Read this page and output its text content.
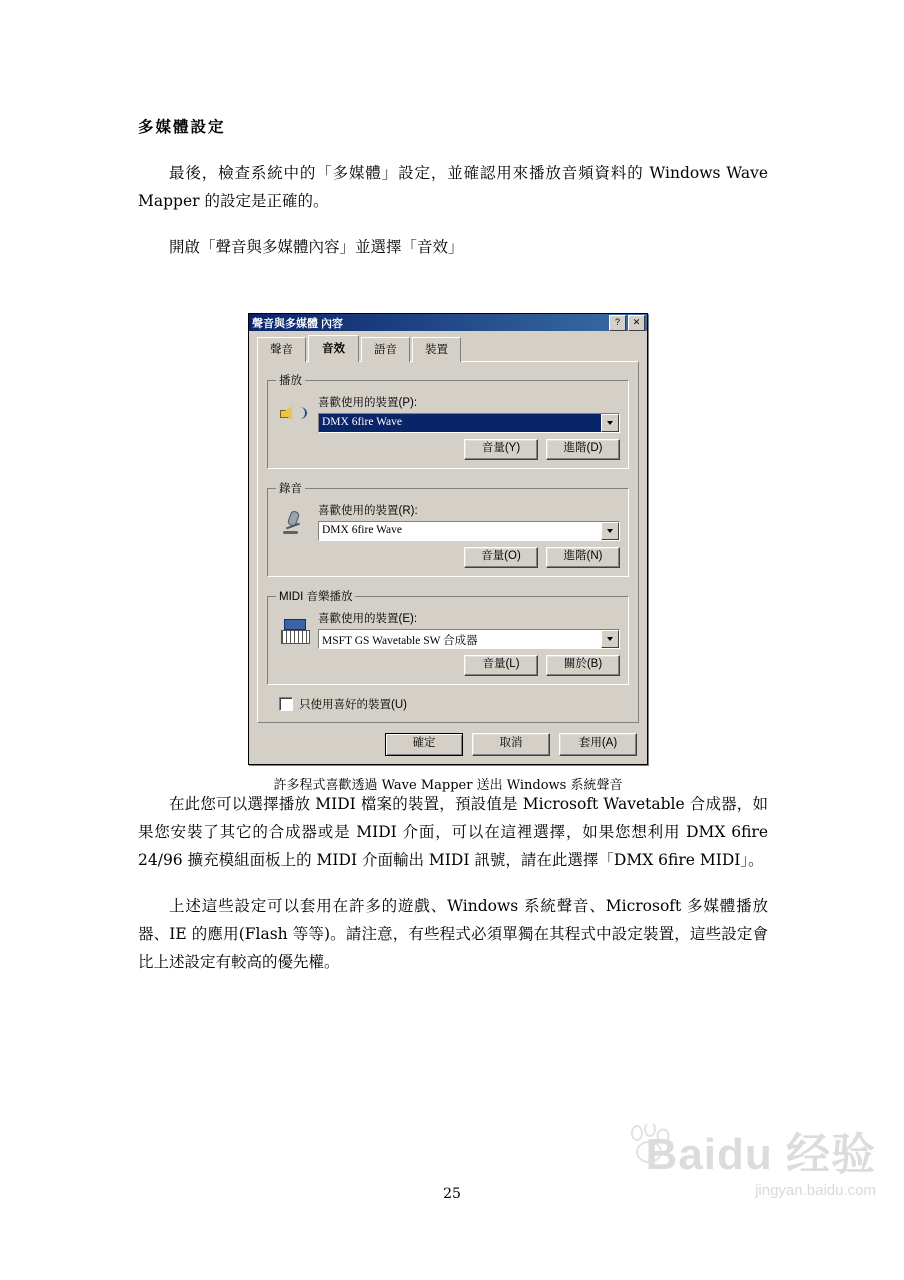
多媒體設定

最後，檢查系統中的「多媒體」設定，並確認用來播放音頻資料的 Windows Wave Mapper 的設定是正確的。

開啟「聲音與多媒體內容」並選擇「音效」

聲音與多媒體 內容	?	✕
聲音	音效	語音	裝置
播放
喜歡使用的裝置(P):
DMX 6fire Wave
音量(Y)	進階(D)
錄音
喜歡使用的裝置(R):
DMX 6fire Wave
音量(O)	進階(N)
MIDI 音樂播放
喜歡使用的裝置(E):
MSFT GS Wavetable SW 合成器
音量(L)	關於(B)
只使用喜好的裝置(U)
確定	取消	套用(A)
許多程式喜歡透過 Wave Mapper 送出 Windows 系統聲音

在此您可以選擇播放 MIDI 檔案的裝置，預設值是 Microsoft Wavetable 合成器，如果您安裝了其它的合成器或是 MIDI 介面，可以在這裡選擇，如果您想利用 DMX 6fire 24/96 擴充模組面板上的 MIDI 介面輸出 MIDI 訊號，請在此選擇「DMX 6fire MIDI」。

上述這些設定可以套用在許多的遊戲、Windows 系統聲音、Microsoft 多媒體播放器、IE 的應用(Flash 等等)。請注意，有些程式必須單獨在其程式中設定裝置，這些設定會比上述設定有較高的優先權。

25
Baidu 经验
jingyan.baidu.com
